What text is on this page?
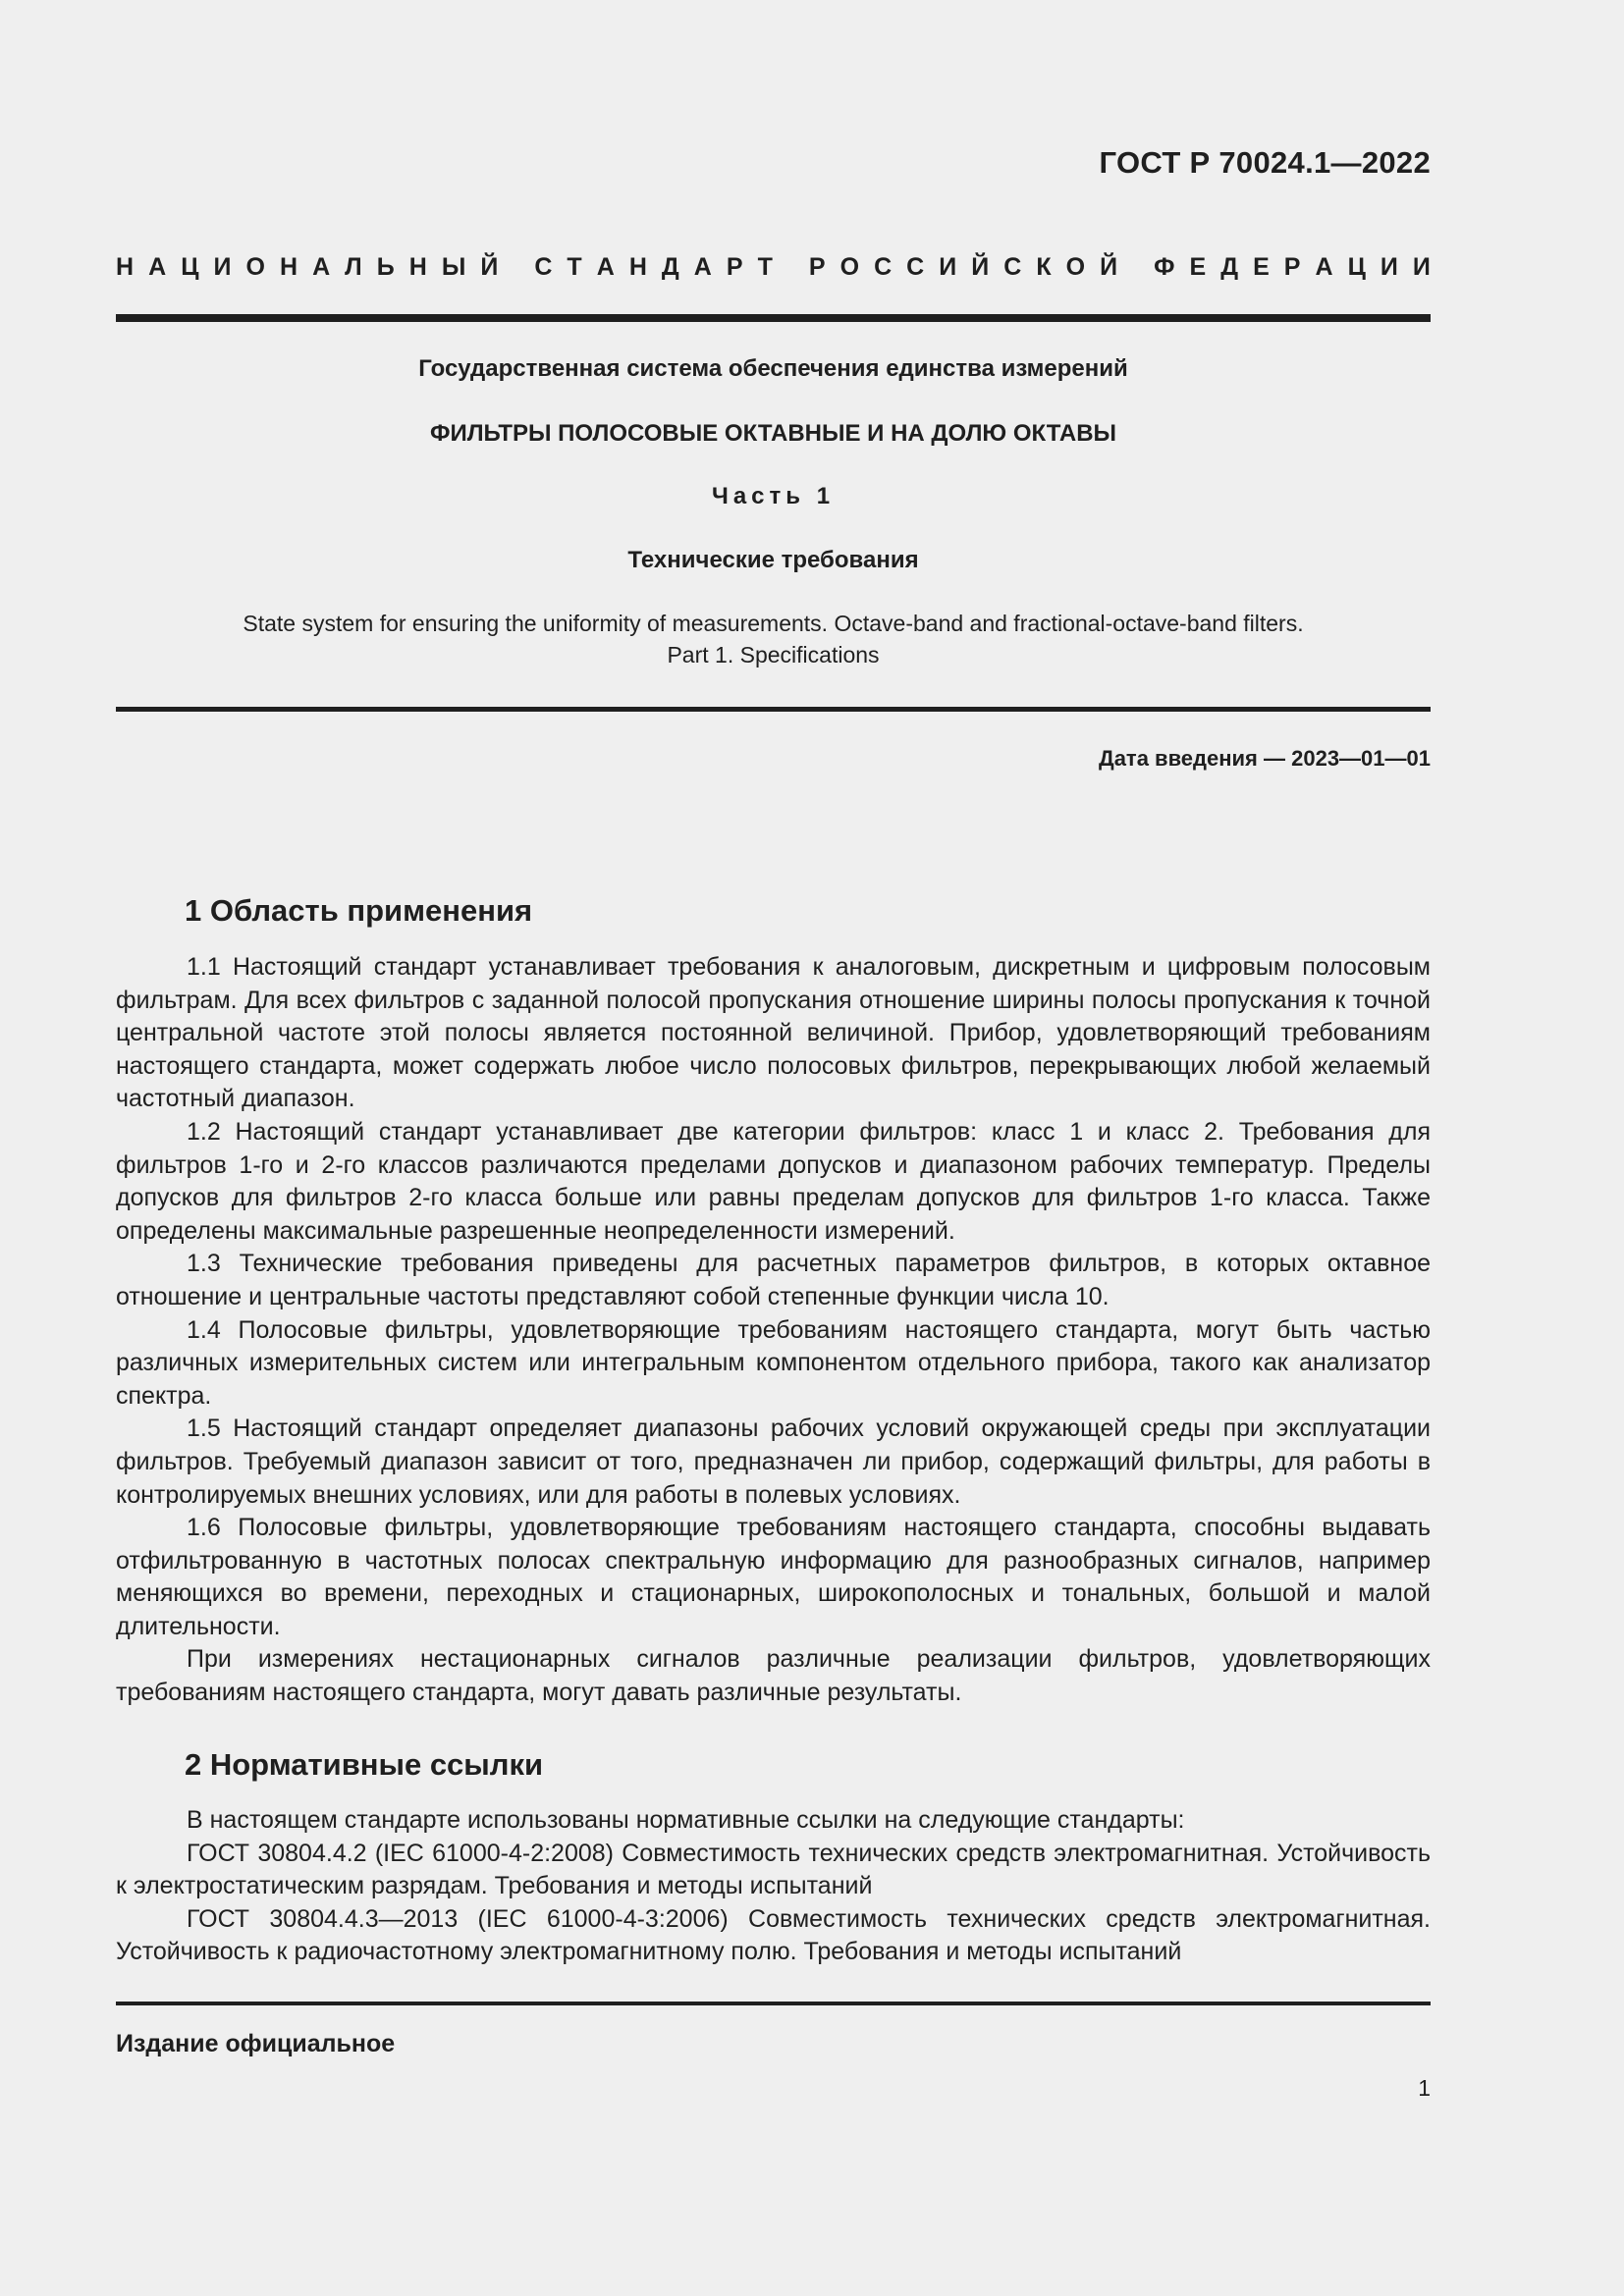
ГОСТ Р 70024.1—2022
Н А Ц И О Н А Л Ь Н Ы Й
С Т А Н Д А Р Т
Р О С С И Й С К О Й
Ф Е Д Е Р А Ц И И
Государственная система обеспечения единства измерений
ФИЛЬТРЫ ПОЛОСОВЫЕ ОКТАВНЫЕ И НА ДОЛЮ ОКТАВЫ
Часть 1
Технические требования
State system for ensuring the uniformity of measurements. Octave-band and fractional-octave-band filters.
Part 1. Specifications
Дата введения — 2023—01—01
1 Область применения

1.1 Настоящий стандарт устанавливает требования к аналоговым, дискретным и цифровым полосовым фильтрам. Для всех фильтров с заданной полосой пропускания отношение ширины полосы пропускания к точной центральной частоте этой полосы является постоянной величиной. Прибор, удовлетворяющий требованиям настоящего стандарта, может содержать любое число полосовых фильтров, перекрывающих любой желаемый частотный диапазон.

1.2 Настоящий стандарт устанавливает две категории фильтров: класс 1 и класс 2. Требования для фильтров 1-го и 2-го классов различаются пределами допусков и диапазоном рабочих температур. Пределы допусков для фильтров 2-го класса больше или равны пределам допусков для фильтров 1-го класса. Также определены максимальные разрешенные неопределенности измерений.

1.3 Технические требования приведены для расчетных параметров фильтров, в которых октавное отношение и центральные частоты представляют собой степенные функции числа 10.

1.4 Полосовые фильтры, удовлетворяющие требованиям настоящего стандарта, могут быть частью различных измерительных систем или интегральным компонентом отдельного прибора, такого как анализатор спектра.

1.5 Настоящий стандарт определяет диапазоны рабочих условий окружающей среды при эксплуатации фильтров. Требуемый диапазон зависит от того, предназначен ли прибор, содержащий фильтры, для работы в контролируемых внешних условиях, или для работы в полевых условиях.

1.6 Полосовые фильтры, удовлетворяющие требованиям настоящего стандарта, способны выдавать отфильтрованную в частотных полосах спектральную информацию для разнообразных сигналов, например меняющихся во времени, переходных и стационарных, широкополосных и тональных, большой и малой длительности.

При измерениях нестационарных сигналов различные реализации фильтров, удовлетворяющих требованиям настоящего стандарта, могут давать различные результаты.

2 Нормативные ссылки

В настоящем стандарте использованы нормативные ссылки на следующие стандарты:

ГОСТ 30804.4.2 (IEC 61000-4-2:2008) Совместимость технических средств электромагнитная. Устойчивость к электростатическим разрядам. Требования и методы испытаний

ГОСТ 30804.4.3—2013 (IEC 61000-4-3:2006) Совместимость технических средств электромагнитная. Устойчивость к радиочастотному электромагнитному полю. Требования и методы испытаний

Издание официальное
1
